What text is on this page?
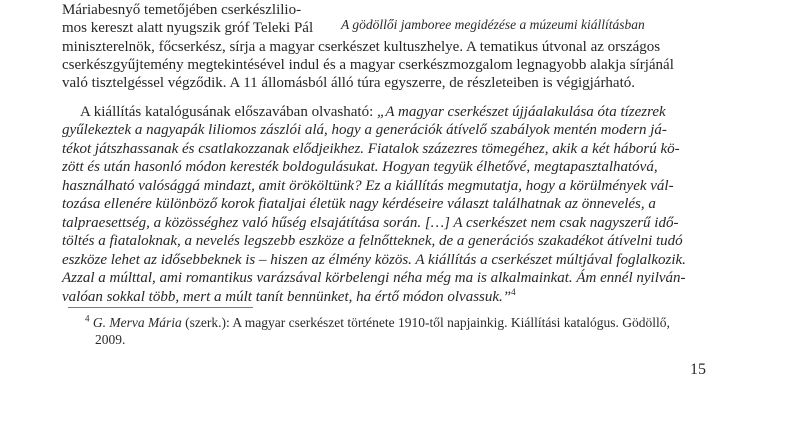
Máriabesnyő temetőjében cserkészlilio-
mos kereszt alatt nyugszik gróf Teleki Pál A gödöllői jamboree megidézése a múzeumi kiállításban
miniszterelnök, főcserkész, sírja a magyar cserkészet kultuszhelye. A tematikus útvonal az országos
cserkészgyűjtemény megtekintésével indul és a magyar cserkészmozgalom legnagyobb alakja sírjánál
való tisztelgéssel végződik. A 11 állomásból álló túra egyszerre, de részleteiben is végigjárható.
A kiállítás katalógusának előszavában olvasható: „A magyar cserkészet újjáalakulása óta tízezrek
gyűlekeztek a nagyapák liliomos zászlói alá, hogy a generációk átívelő szabályok mentén modern já-
tékot játszhassanak és csatlakozzanak elődjeikhez. Fiatalok százezres tömegéhez, akik a két háború kö-
zött és után hasonló módon keresték boldogulásukat. Hogyan tegyük élhetővé, megtapasztalhatóvá,
használható valósággá mindazt, amit örököltünk? Ez a kiállítás megmutatja, hogy a körülmények vál-
tozása ellenére különböző korok fiataljai életük nagy kérdéseire választ találhatnak az önnevelés, a
talpraesettség, a közösséghez való hűség elsajátítása során. […] A cserkészet nem csak nagyszerű idő-
töltés a fiataloknak, a nevelés legszebb eszköze a felnőtteknek, de a generációs szakadékot átívelni tudó
eszköze lehet az idősebbeknek is – hiszen az élmény közös. A kiállítás a cserkészet múltjával foglalkozik.
Azzal a múlttal, ami romantikus varázsával körbelengi néha még ma is alkalmainkat. Ám ennél nyilván-
valóan sokkal több, mert a múlt tanít bennünket, ha értő módon olvassuk.”$^4$
$^4$ G. Merva Mária (szerk.): A magyar cserkészet története 1910-től napjainkig. Kiállítási katalógus. Gödöllő,
2009.
15
